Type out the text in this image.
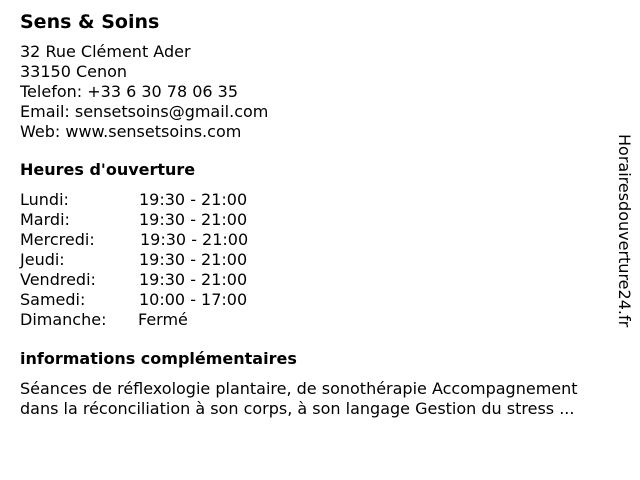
Sens & Soins
32 Rue Clément Ader
33150 Cenon
Telefon: +33 6 30 78 06 35
Email: sensetsoins@gmail.com
Web: www.sensetsoins.com
Heures d'ouverture
Lundi:	19:30 - 21:00
Mardi:	19:30 - 21:00
Mercredi:	19:30 - 21:00
Jeudi:	19:30 - 21:00
Vendredi:	19:30 - 21:00
Samedi:	10:00 - 17:00
Dimanche:	Fermé
informations complémentaires
Séances de réflexologie plantaire, de sonothérapie Accompagnement
dans la réconciliation à son corps, à son langage Gestion du stress ...
Horairesdouverture24.fr
